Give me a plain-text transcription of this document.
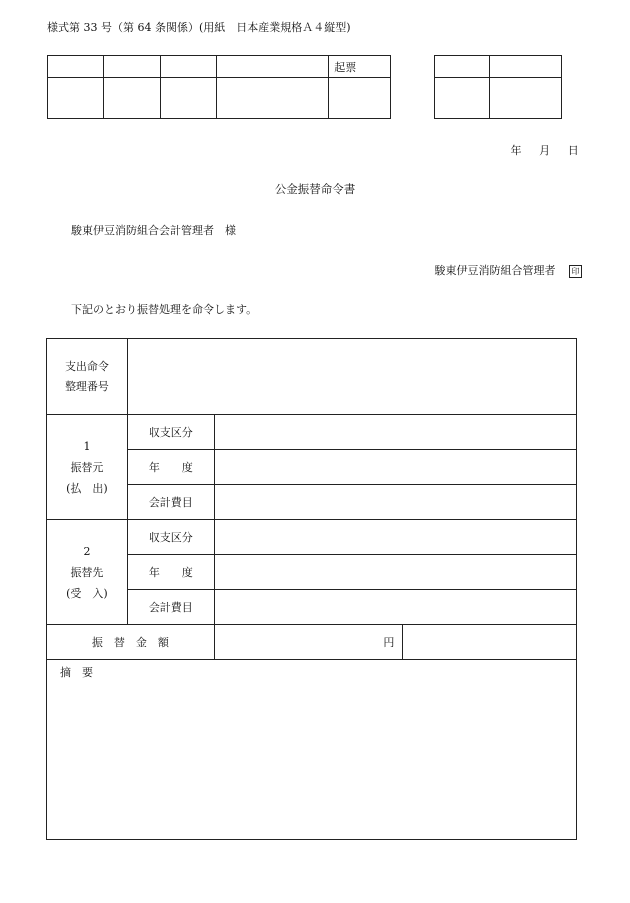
様式第 33 号（第 64 条関係）(用紙　日本産業規格Ａ４縦型)
				起票

年　月　日
公金振替命令書
駿東伊豆消防組合会計管理者　様
駿東伊豆消防組合管理者 印
下記のとおり振替処理を命令します。
支出命令
整理番号			

1
振替元
(払　出)	収支区分		
	年　　度		
	会計費目		

2
振替先
(受　入)	収支区分		
	年　　度		
	会計費目		
振　替　金　額		円	
摘　要			
